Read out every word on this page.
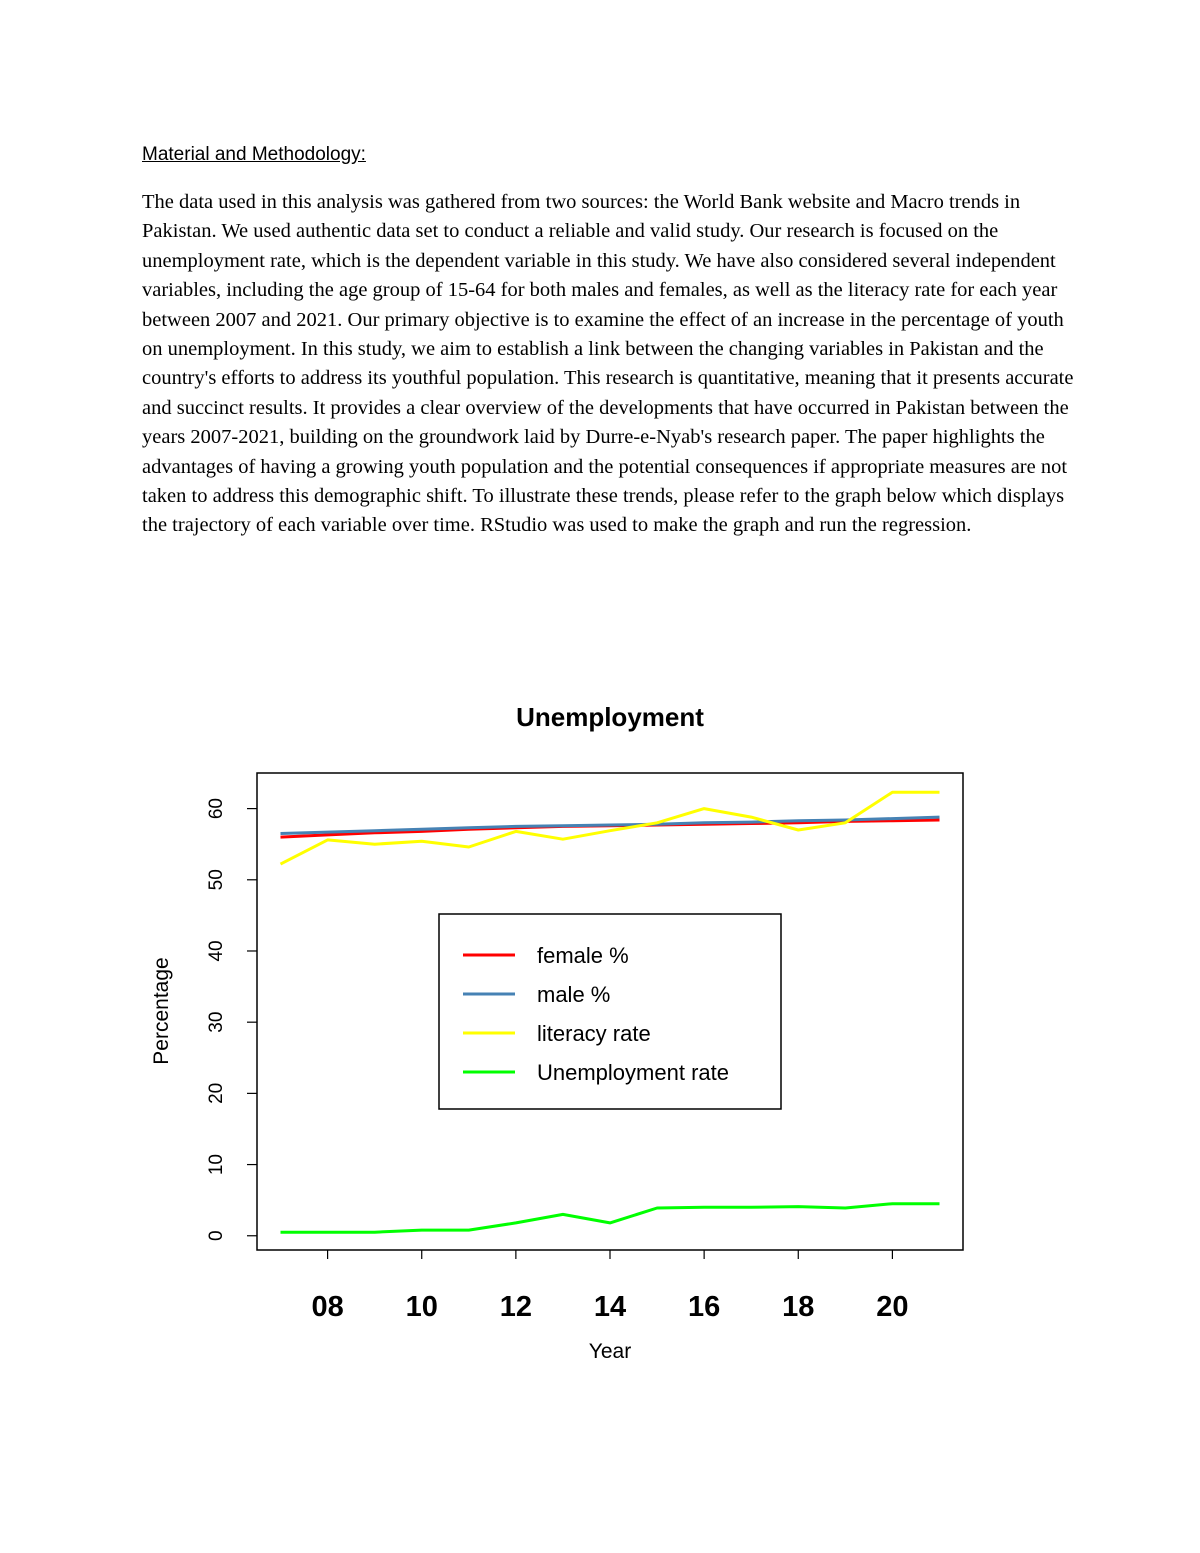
Material and Methodology:

The data used in this analysis was gathered from two sources: the World Bank website and Macro trends in Pakistan. We used authentic data set to conduct a reliable and valid study. Our research is focused on the unemployment rate, which is the dependent variable in this study. We have also considered several independent variables, including the age group of 15-64 for both males and females, as well as the literacy rate for each year between 2007 and 2021. Our primary objective is to examine the effect of an increase in the percentage of youth on unemployment. In this study, we aim to establish a link between the changing variables in Pakistan and the country's efforts to address its youthful population. This research is quantitative, meaning that it presents accurate and succinct results. It provides a clear overview of the developments that have occurred in Pakistan between the years 2007-2021, building on the groundwork laid by Durre-e-Nyab's research paper. The paper highlights the advantages of having a growing youth population and the potential consequences if appropriate measures are not taken to address this demographic shift. To illustrate these trends, please refer to the graph below which displays the trajectory of each variable over time. RStudio was used to make the graph and run the regression.

Unemployment
0
10
20
30
40
50
60
08 10 12 14 16 18 20
female %
male %
literacy rate
Unemployment rate
Year
Percentage
